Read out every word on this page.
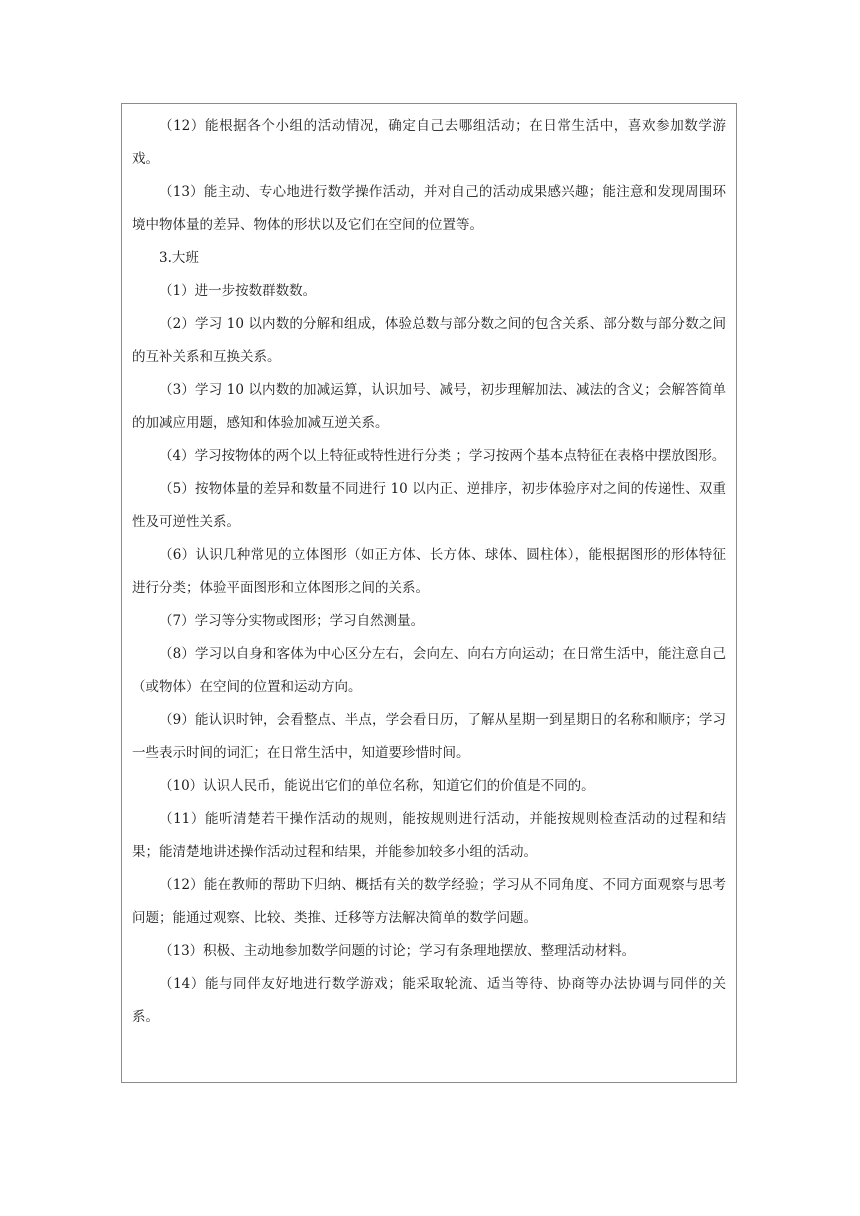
（12）能根据各个小组的活动情况，确定自己去哪组活动；在日常生活中，喜欢参加数学游戏。

（13）能主动、专心地进行数学操作活动，并对自己的活动成果感兴趣；能注意和发现周围环境中物体量的差异、物体的形状以及它们在空间的位置等。

3.大班

（1）进一步按数群数数。

（2）学习 10 以内数的分解和组成，体验总数与部分数之间的包含关系、部分数与部分数之间的互补关系和互换关系。

（3）学习 10 以内数的加减运算，认识加号、减号，初步理解加法、减法的含义；会解答简单的加减应用题，感知和体验加减互逆关系。

（4）学习按物体的两个以上特征或特性进行分类 ；学习按两个基本点特征在表格中摆放图形。

（5）按物体量的差异和数量不同进行 10 以内正、逆排序，初步体验序对之间的传递性、双重性及可逆性关系。

（6）认识几种常见的立体图形（如正方体、长方体、球体、圆柱体），能根据图形的形体特征进行分类；体验平面图形和立体图形之间的关系。

（7）学习等分实物或图形；学习自然测量。

（8）学习以自身和客体为中心区分左右，会向左、向右方向运动；在日常生活中，能注意自己（或物体）在空间的位置和运动方向。

（9）能认识时钟，会看整点、半点，学会看日历，了解从星期一到星期日的名称和顺序；学习一些表示时间的词汇；在日常生活中，知道要珍惜时间。

（10）认识人民币，能说出它们的单位名称，知道它们的价值是不同的。

（11）能听清楚若干操作活动的规则，能按规则进行活动，并能按规则检查活动的过程和结果；能清楚地讲述操作活动过程和结果，并能参加较多小组的活动。

（12）能在教师的帮助下归纳、概括有关的数学经验；学习从不同角度、不同方面观察与思考问题；能通过观察、比较、类推、迁移等方法解决简单的数学问题。

（13）积极、主动地参加数学问题的讨论；学习有条理地摆放、整理活动材料。

（14）能与同伴友好地进行数学游戏；能采取轮流、适当等待、协商等办法协调与同伴的关系。
